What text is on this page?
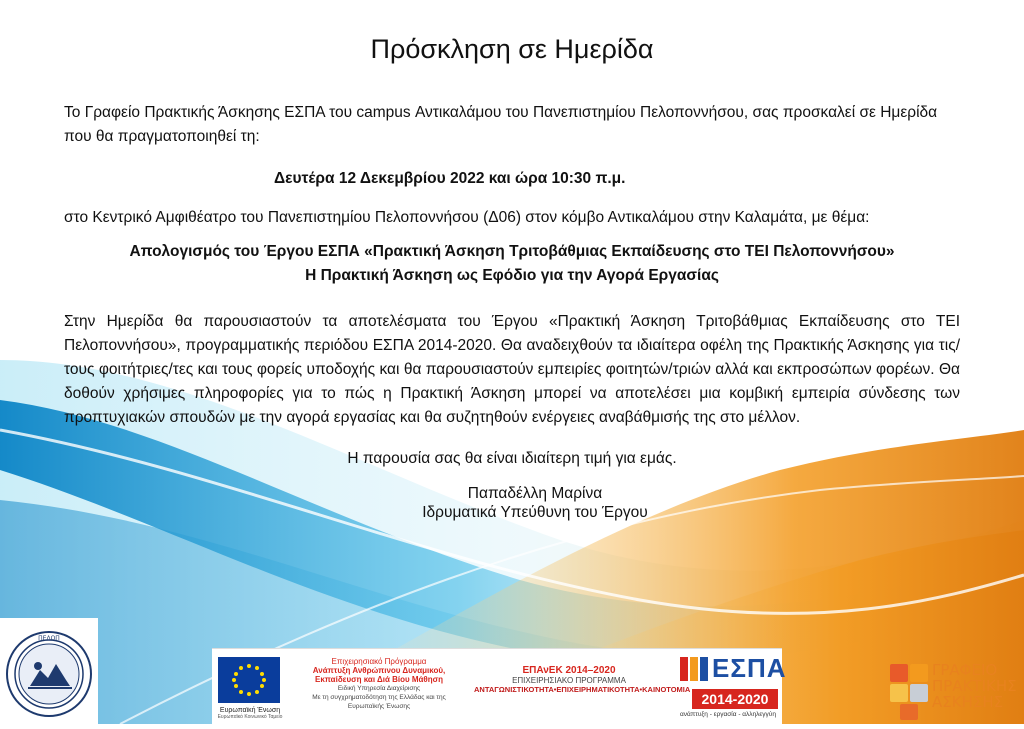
Πρόσκληση σε Ημερίδα
Το Γραφείο Πρακτικής Άσκησης ΕΣΠΑ του campus Αντικαλάμου του Πανεπιστημίου Πελοποννήσου, σας προσκαλεί σε Ημερίδα που θα πραγματοποιηθεί τη:
Δευτέρα 12 Δεκεμβρίου 2022 και ώρα 10:30 π.μ.
στο Κεντρικό Αμφιθέατρο του Πανεπιστημίου Πελοποννήσου (Δ06) στον κόμβο Αντικαλάμου στην Καλαμάτα, με θέμα:
Απολογισμός του Έργου ΕΣΠΑ «Πρακτική Άσκηση Τριτοβάθμιας Εκπαίδευσης στο ΤΕΙ Πελοποννήσου»
Η Πρακτική Άσκηση ως Εφόδιο για την Αγορά Εργασίας
Στην Ημερίδα θα παρουσιαστούν τα αποτελέσματα του Έργου «Πρακτική Άσκηση Τριτοβάθμιας Εκπαίδευσης στο ΤΕΙ Πελοποννήσου», προγραμματικής περιόδου ΕΣΠΑ 2014-2020. Θα αναδειχθούν τα ιδιαίτερα οφέλη της Πρακτικής Άσκησης για τις/τους φοιτήτριες/τες και τους φορείς υποδοχής και θα παρουσιαστούν εμπειρίες φοιτητών/τριών αλλά και εκπροσώπων φορέων. Θα δοθούν χρήσιμες πληροφορίες για το πώς η Πρακτική Άσκηση μπορεί να αποτελέσει μια κομβική εμπειρία σύνδεσης των προπτυχιακών σπουδών με την αγορά εργασίας και θα συζητηθούν ενέργειες αναβάθμισής της στο μέλλον.
Η παρουσία σας θα είναι ιδιαίτερη τιμή για εμάς.
Παπαδέλλη Μαρίνα
Ιδρυματικά Υπεύθυνη του Έργου
ΠΕΛΟΠ
Ευρωπαϊκή Ένωση
Ευρωπαϊκό Κοινωνικό Ταμείο
Επιχειρησιακό Πρόγραμμα
Ανάπτυξη Ανθρώπινου Δυναμικού,
Εκπαίδευση και Διά Βίου Μάθηση
Ειδική Υπηρεσία Διαχείρισης
Με τη συγχρηματοδότηση της Ελλάδας και της Ευρωπαϊκής Ένωσης
ΕΠΑνΕΚ 2014–2020
ΕΠΙΧΕΙΡΗΣΙΑΚΟ ΠΡΟΓΡΑΜΜΑ
ΑΝΤΑΓΩΝΙΣΤΙΚΟΤΗΤΑ•ΕΠΙΧΕΙΡΗΜΑΤΙΚΟΤΗΤΑ•ΚΑΙΝΟΤΟΜΙΑ
ΕΣΠΑ
2014-2020
ανάπτυξη - εργασία - αλληλεγγύη
ΓΡΑΦΕΙΟ
ΠΡΑΚΤΙΚΗΣ
ΑΣΚΗΣΗΣ
